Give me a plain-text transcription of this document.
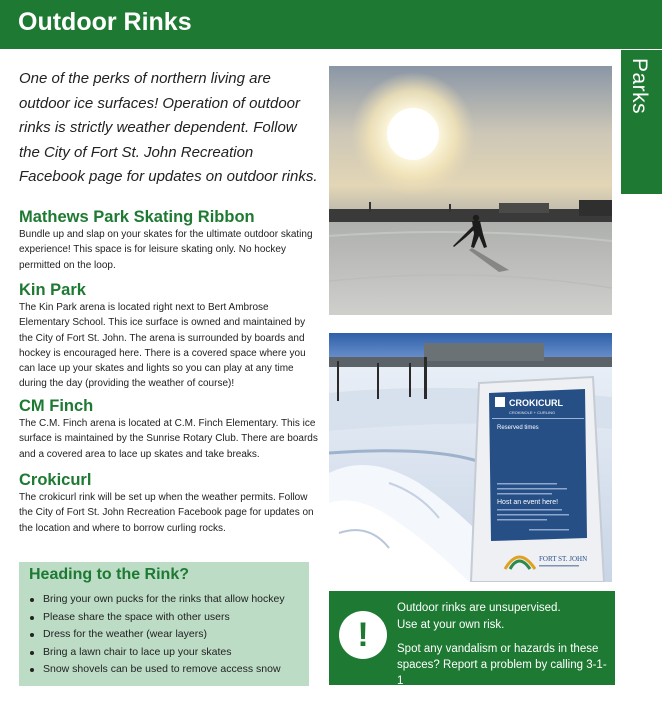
Outdoor Rinks
Parks
One of the perks of northern living are outdoor ice surfaces! Operation of outdoor rinks is strictly weather dependent. Follow the City of Fort St. John Recreation Facebook page for updates on outdoor rinks.

Mathews Park Skating Ribbon

Bundle up and slap on your skates for the ultimate outdoor skating experience! This space is for leisure skating only. No hockey permitted on the loop.

Kin Park

The Kin Park arena is located right next to Bert Ambrose Elementary School. This ice surface is owned and maintained by the City of Fort St. John. The arena is surrounded by boards and hockey is encouraged here. There is a covered space where you can lace up your skates and lights so you can play at any time during the day (providing the weather of course)!

CM Finch

The C.M. Finch arena is located at C.M. Finch Elementary. This ice surface is maintained by the Sunrise Rotary Club. There are boards and a covered area to lace up skates and take breaks.

Crokicurl

The crokicurl rink will be set up when the weather permits. Follow the City of Fort St. John Recreation Facebook page for updates on the location and where to borrow curling rocks.

CROKICURL
CROKINOLE + CURLING
Reserved times
Host an event here!
FORT ST. JOHN
Heading to the Rink?
Bring your own pucks for the rinks that allow hockey
Please share the space with other users
Dress for the weather (wear layers)
Bring a lawn chair to lace up your skates
Snow shovels can be used to remove access snow
!
Outdoor rinks are unsupervised.
Use at your own risk.
Spot any vandalism or hazards in these spaces? Report a problem by calling 3-1-1
